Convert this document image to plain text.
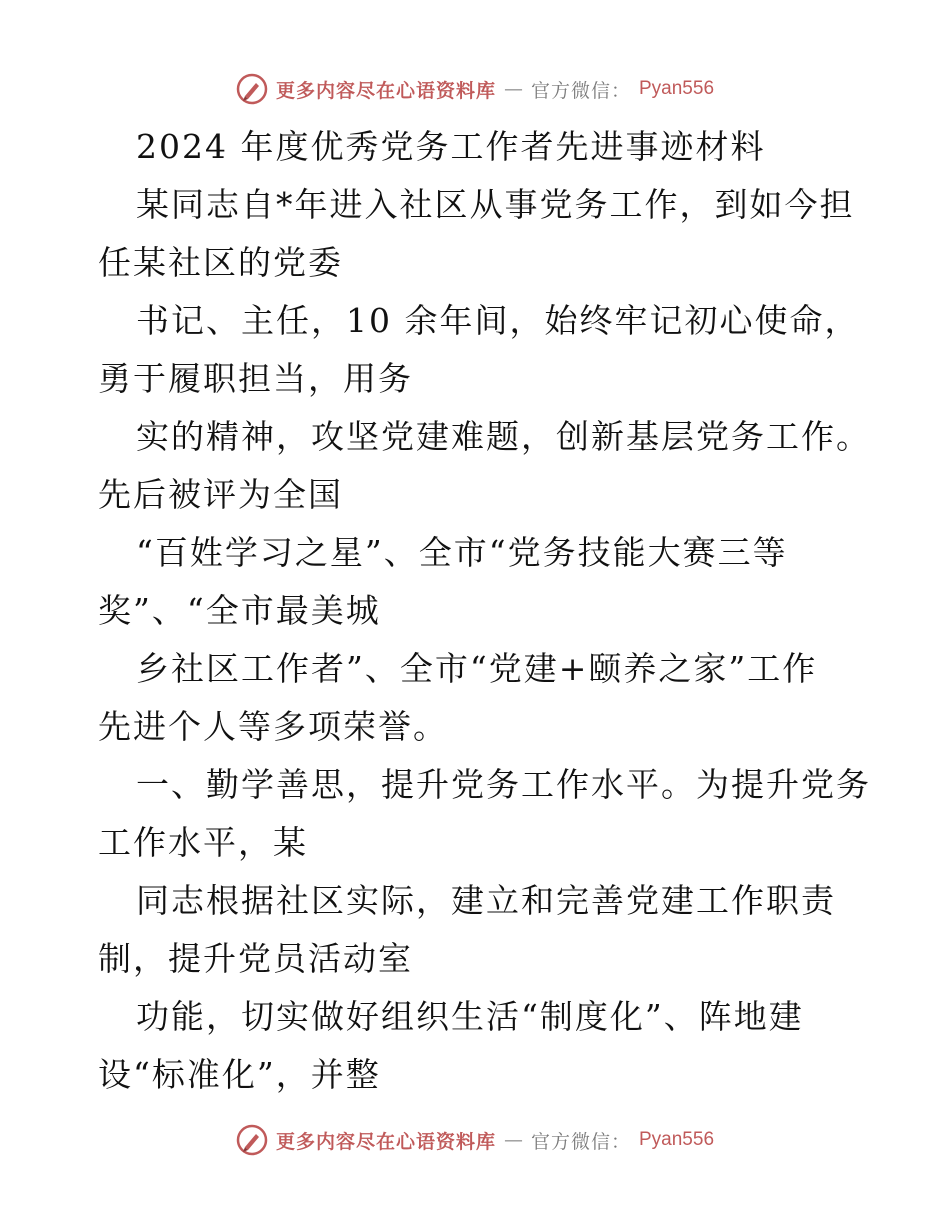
更多内容尽在心语资料库 — 官方微信： Pyan556
2024 年度优秀党务工作者先进事迹材料
某同志自*年进入社区从事党务工作，到如今担
任某社区的党委
书记、主任，10 余年间，始终牢记初心使命，
勇于履职担当，用务
实的精神，攻坚党建难题，创新基层党务工作。
先后被评为全国
“百姓学习之星”、全市“党务技能大赛三等
奖”、“全市最美城
乡社区工作者”、全市“党建+颐养之家”工作
先进个人等多项荣誉。
一、勤学善思，提升党务工作水平。为提升党务
工作水平，某
同志根据社区实际，建立和完善党建工作职责
制，提升党员活动室
功能，切实做好组织生活“制度化”、阵地建
设“标准化”，并整
更多内容尽在心语资料库 — 官方微信： Pyan556
